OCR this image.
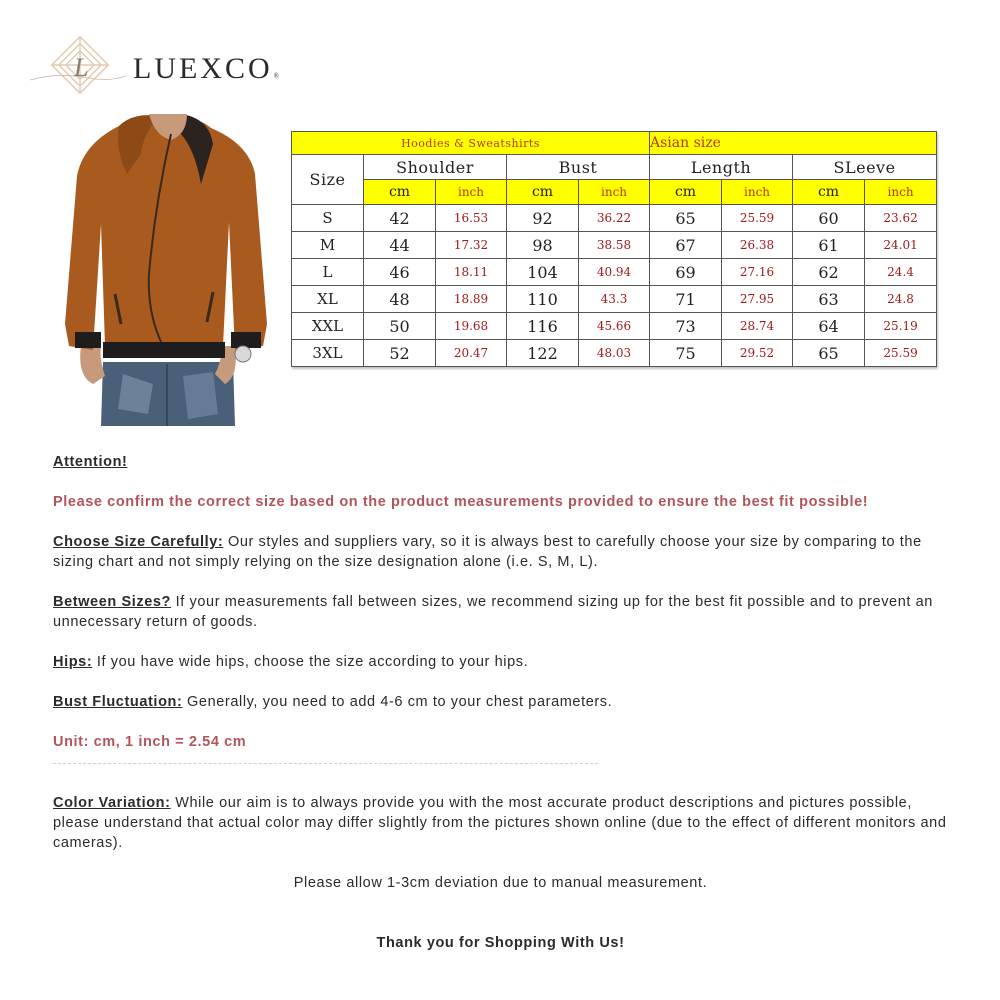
L LUEXCO®
Hoodies & Sweatshirts					Asian size			
Size	Shoulder		Bust		Length		SLeeve	
	cm	inch	cm	inch	cm	inch	cm	inch
S	42	16.53	92	36.22	65	25.59	60	23.62
M	44	17.32	98	38.58	67	26.38	61	24.01
L	46	18.11	104	40.94	69	27.16	62	24.4
XL	48	18.89	110	43.3	71	27.95	63	24.8
XXL	50	19.68	116	45.66	73	28.74	64	25.19
3XL	52	20.47	122	48.03	75	29.52	65	25.59

Attention!

Please confirm the correct size based on the product measurements provided to ensure the best fit possible!

Choose Size Carefully: Our styles and suppliers vary, so it is always best to carefully choose your size by comparing to the sizing chart and not simply relying on the size designation alone (i.e. S, M, L).

Between Sizes? If your measurements fall between sizes, we recommend sizing up for the best fit possible and to prevent an unnecessary return of goods.

Hips: If you have wide hips, choose the size according to your hips.

Bust Fluctuation: Generally, you need to add 4-6 cm to your chest parameters.

Unit: cm, 1 inch = 2.54 cm

Color Variation: While our aim is to always provide you with the most accurate product descriptions and pictures possible, please understand that actual color may differ slightly from the pictures shown online (due to the effect of different monitors and cameras).

Please allow 1-3cm deviation due to manual measurement.

Thank you for Shopping With Us!
